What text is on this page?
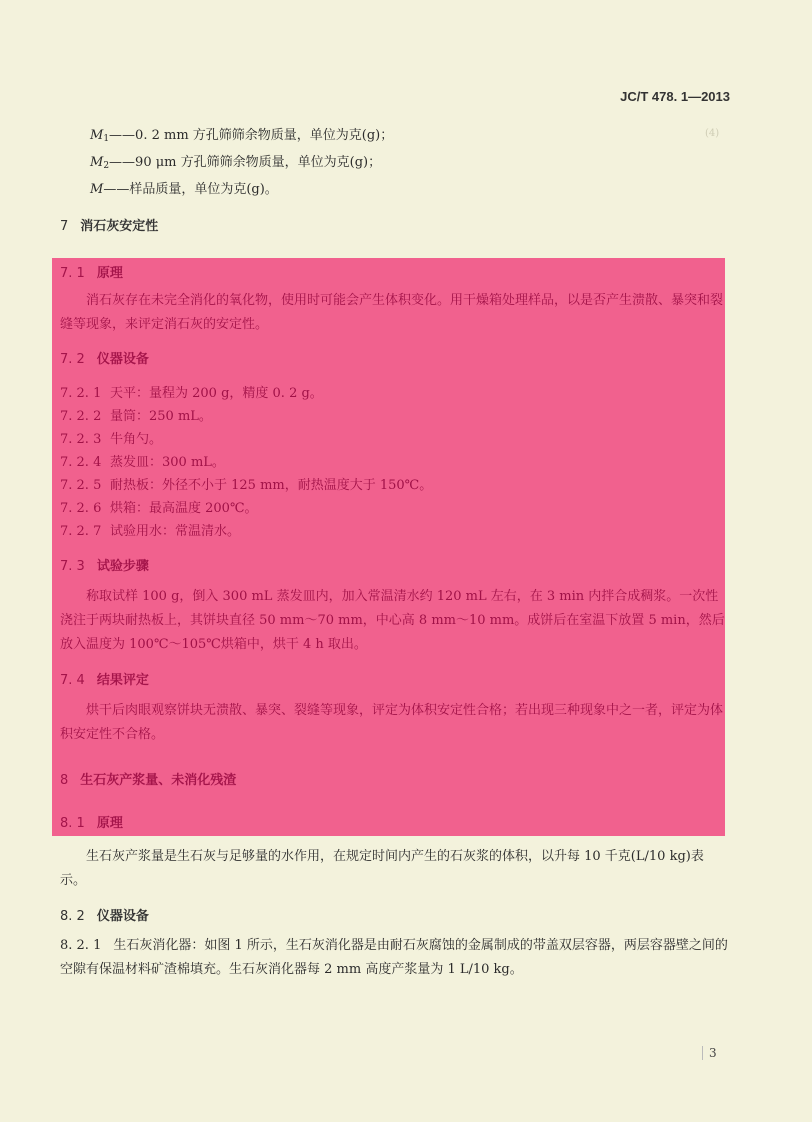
JC/T 478. 1—2013
(4)
$M_1——0$. 2 mm 方孔筛筛余物质量，单位为克(g)；
$M_2——90$ μm 方孔筛筛余物质量，单位为克(g)；
M——样品质量，单位为克(g)。
7 消石灰安定性
生石灰产浆量是生石灰与足够量的水作用，在规定时间内产生的石灰浆的体积，以升每 10 千克(L/10 kg)表示。
8. 2 仪器设备
8. 2. 1 生石灰消化器：如图 1 所示，生石灰消化器是由耐石灰腐蚀的金属制成的带盖双层容器，两层容器壁之间的空隙有保温材料矿渣棉填充。生石灰消化器每 2 mm 高度产浆量为 1 L/10 kg。
3
